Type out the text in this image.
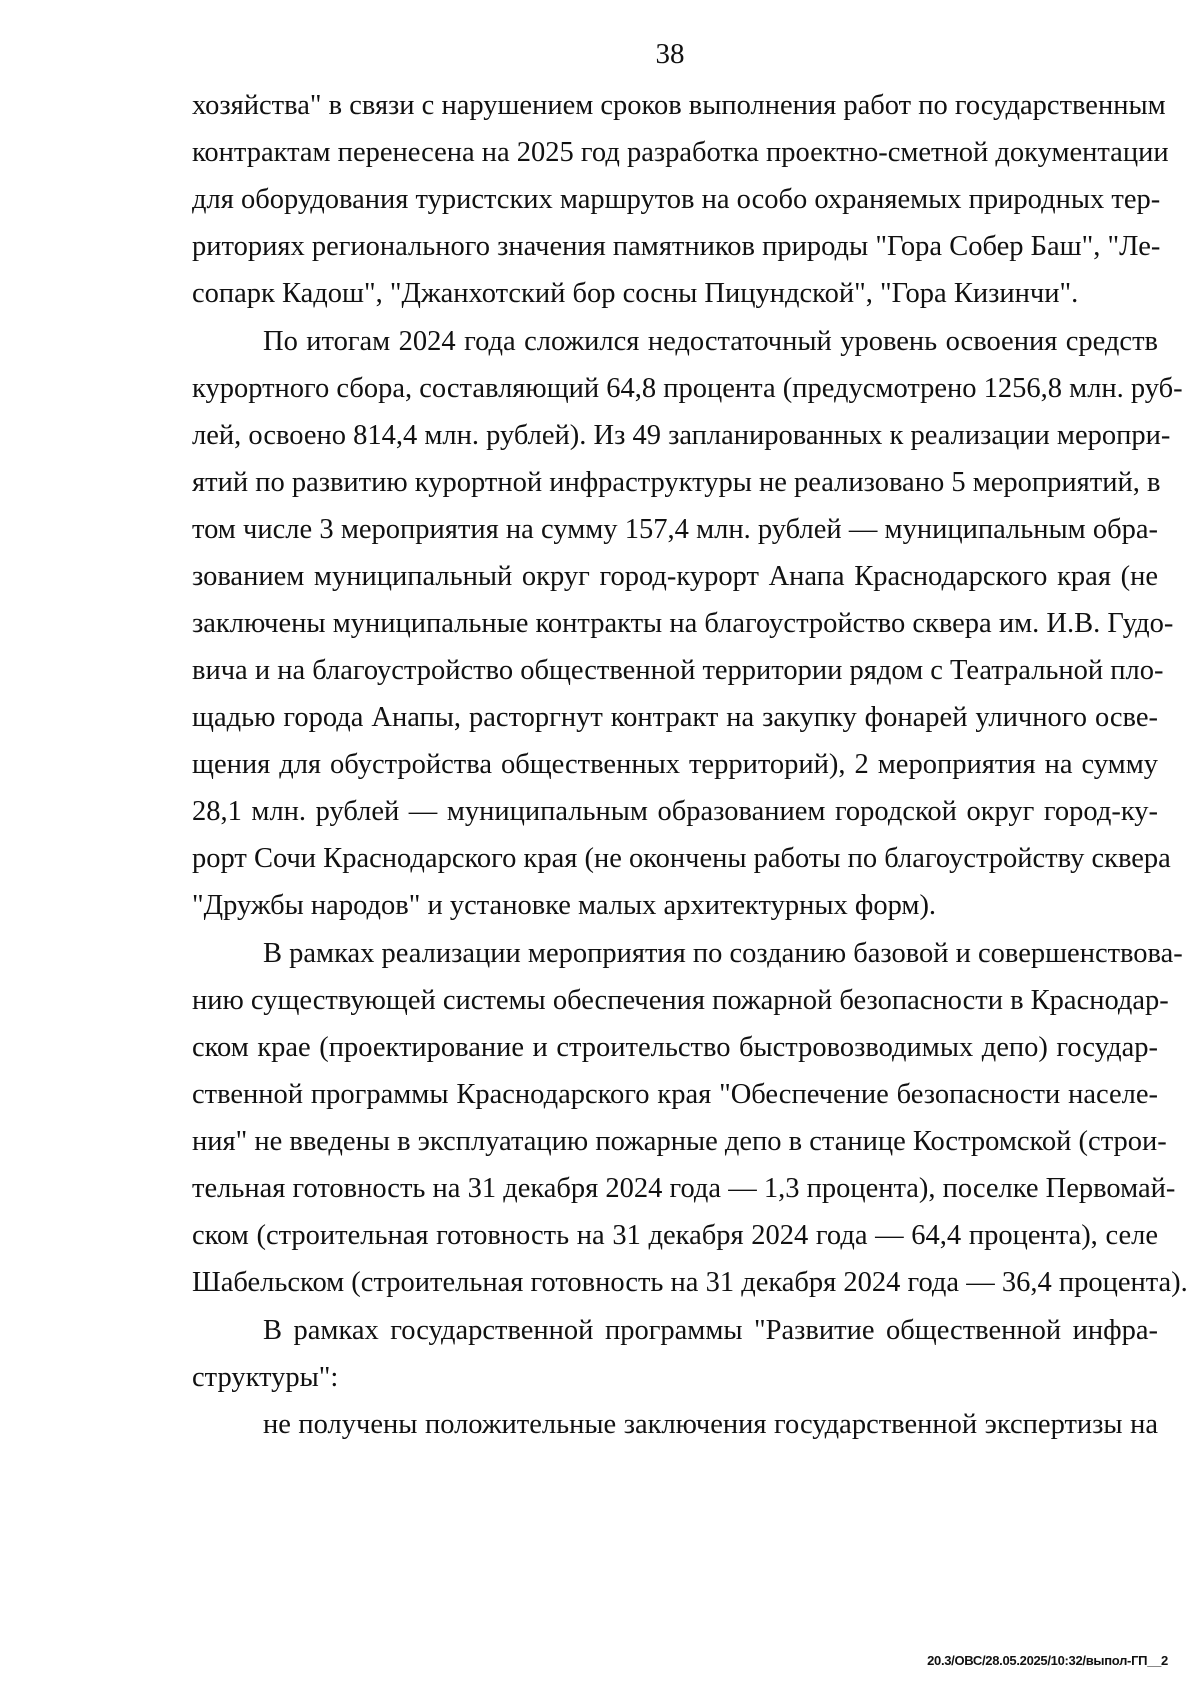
38
хозяйства" в связи с нарушением сроков выполнения работ по государственным
контрактам перенесена на 2025 год разработка проектно-сметной документации
для оборудования туристских маршрутов на особо охраняемых природных тер-
риториях регионального значения памятников природы "Гора Собер Баш", "Ле-
сопарк Кадош", "Джанхотский бор сосны Пицундской", "Гора Кизинчи".
По итогам 2024 года сложился недостаточный уровень освоения средств
курортного сбора, составляющий 64,8 процента (предусмотрено 1256,8 млн. руб-
лей, освоено 814,4 млн. рублей). Из 49 запланированных к реализации меропри-
ятий по развитию курортной инфраструктуры не реализовано 5 мероприятий, в
том числе 3 мероприятия на сумму 157,4 млн. рублей — муниципальным обра-
зованием муниципальный округ город-курорт Анапа Краснодарского края (не
заключены муниципальные контракты на благоустройство сквера им. И.В. Гудо-
вича и на благоустройство общественной территории рядом с Театральной пло-
щадью города Анапы, расторгнут контракт на закупку фонарей уличного осве-
щения для обустройства общественных территорий), 2 мероприятия на сумму
28,1 млн. рублей — муниципальным образованием городской округ город-ку-
рорт Сочи Краснодарского края (не окончены работы по благоустройству сквера
"Дружбы народов" и установке малых архитектурных форм).
В рамках реализации мероприятия по созданию базовой и совершенствова-
нию существующей системы обеспечения пожарной безопасности в Краснодар-
ском крае (проектирование и строительство быстровозводимых депо) государ-
ственной программы Краснодарского края "Обеспечение безопасности населе-
ния" не введены в эксплуатацию пожарные депо в станице Костромской (строи-
тельная готовность на 31 декабря 2024 года — 1,3 процента), поселке Первомай-
ском (строительная готовность на 31 декабря 2024 года — 64,4 процента), селе
Шабельском (строительная готовность на 31 декабря 2024 года — 36,4 процента).
В рамках государственной программы "Развитие общественной инфра-
структуры":
не получены положительные заключения государственной экспертизы на
20.3/ОВС/28.05.2025/10:32/выпол-ГП__2
